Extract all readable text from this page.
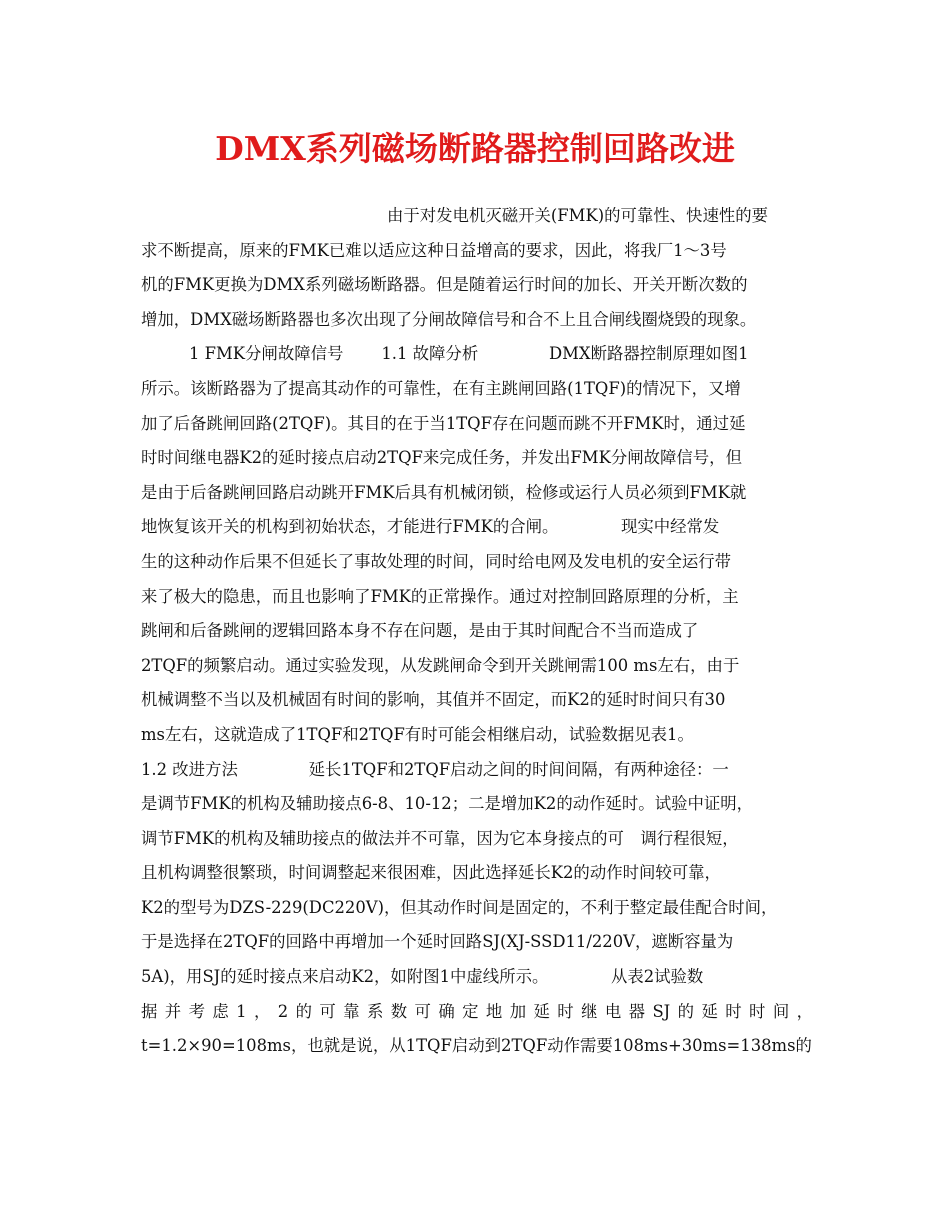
DMX系列磁场断路器控制回路改进
由于对发电机灭磁开关(FMK)的可靠性、快速性的要
求不断提高，原来的FMK已难以适应这种日益增高的要求，因此，将我厂1～3号
机的FMK更换为DMX系列磁场断路器。但是随着运行时间的加长、开关开断次数的
增加，DMX磁场断路器也多次出现了分闸故障信号和合不上且合闸线圈烧毁的现象。
1 FMK分闸故障信号　　 1.1 故障分析　　　　 DMX断路器控制原理如图1
所示。该断路器为了提高其动作的可靠性，在有主跳闸回路(1TQF)的情况下，又增
加了后备跳闸回路(2TQF)。其目的在于当1TQF存在问题而跳不开FMK时，通过延
时时间继电器K2的延时接点启动2TQF来完成任务，并发出FMK分闸故障信号，但
是由于后备跳闸回路启动跳开FMK后具有机械闭锁，检修或运行人员必须到FMK就
地恢复该开关的机构到初始状态，才能进行FMK的合闸。　　　　 现实中经常发
生的这种动作后果不但延长了事故处理的时间，同时给电网及发电机的安全运行带
来了极大的隐患，而且也影响了FMK的正常操作。通过对控制回路原理的分析，主
跳闸和后备跳闸的逻辑回路本身不存在问题，是由于其时间配合不当而造成了
2TQF的频繁启动。通过实验发现，从发跳闸命令到开关跳闸需100 ms左右，由于
机械调整不当以及机械固有时间的影响，其值并不固定，而K2的延时时间只有30
ms左右，这就造成了1TQF和2TQF有时可能会相继启动，试验数据见表1。
1.2 改进方法　　　　 延长1TQF和2TQF启动之间的时间间隔，有两种途径：一
是调节FMK的机构及辅助接点6-8、10-12；二是增加K2的动作延时。试验中证明，
调节FMK的机构及辅助接点的做法并不可靠，因为它本身接点的可　调行程很短，
且机构调整很繁琐，时间调整起来很困难，因此选择延长K2的动作时间较可靠，
K2的型号为DZS-229(DC220V)，但其动作时间是固定的，不利于整定最佳配合时间，
于是选择在2TQF的回路中再增加一个延时回路SJ(XJ-SSD11/220V，遮断容量为
5A)，用SJ的延时接点来启动K2，如附图1中虚线所示。　　　　 从表2试验数
据并考虑1，2的可靠系数可确定地加延时继电器SJ的延时时间，
t=1.2×90=108ms，也就是说，从1TQF启动到2TQF动作需要108ms+30ms=138ms的
